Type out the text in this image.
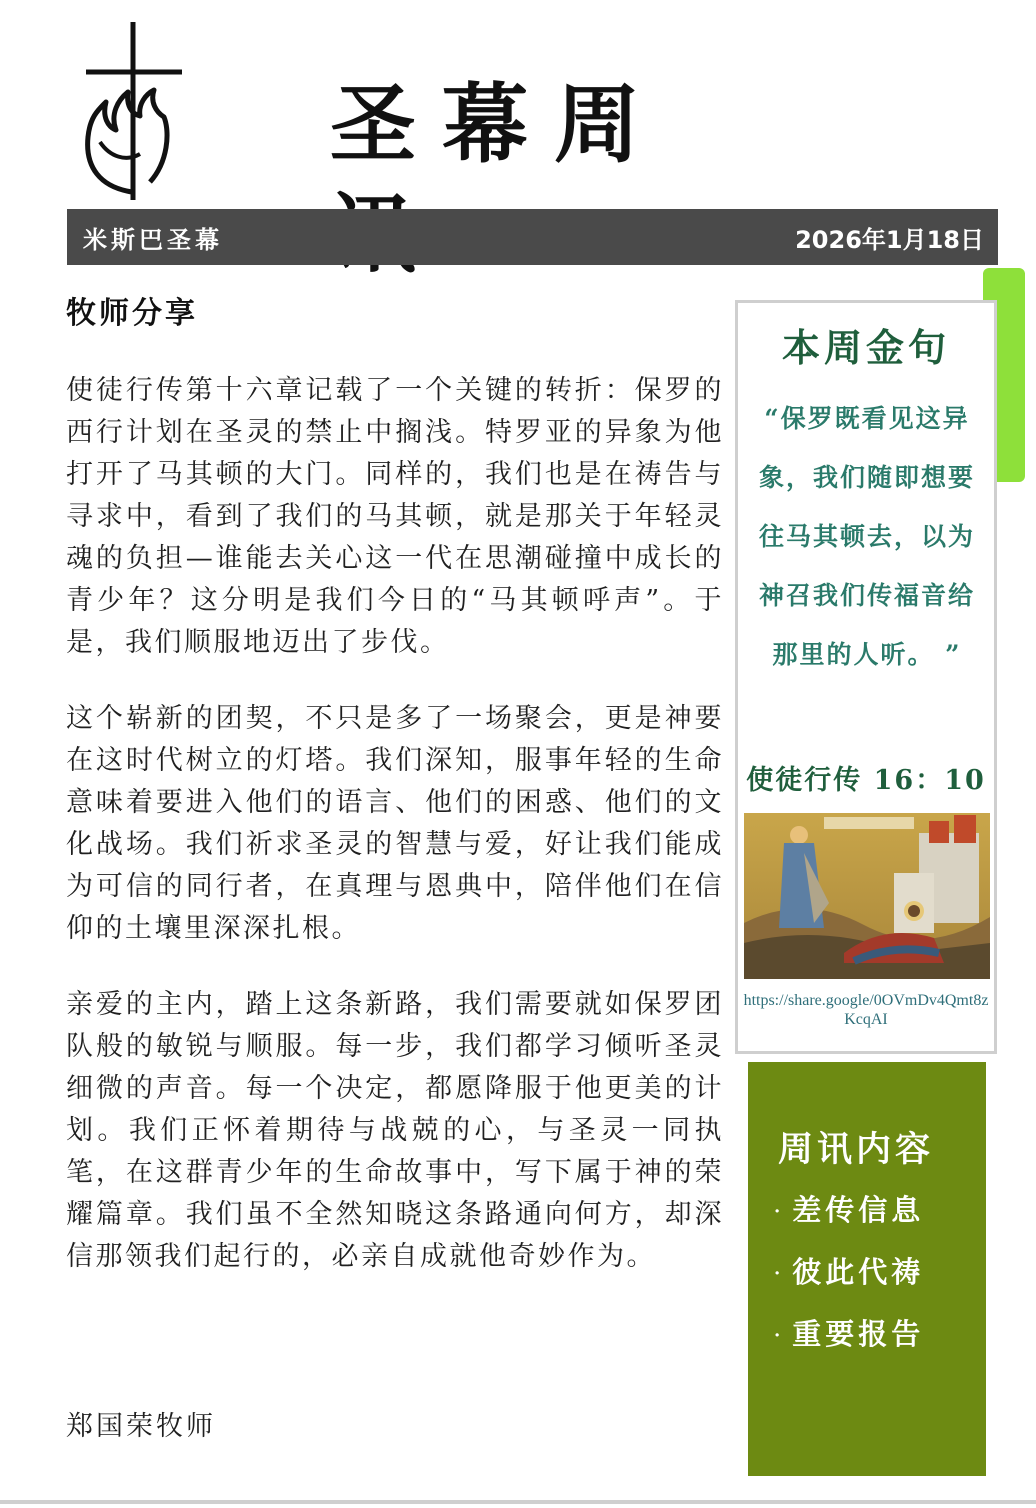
圣幕周
米斯巴圣幕	2026年1月18日
牧师分享

使徒行传第十六章记载了一个关键的转折：保罗的西行计划在圣灵的禁止中搁浅。特罗亚的异象为他打开了马其顿的大门。同样的，我们也是在祷告与寻求中，看到了我们的马其顿，就是那关于年轻灵魂的负担—谁能去关心这一代在思潮碰撞中成长的青少年？这分明是我们今日的“马其顿呼声”。于是，我们顺服地迈出了步伐。

这个崭新的团契，不只是多了一场聚会，更是神要在这时代树立的灯塔。我们深知，服事年轻的生命意味着要进入他们的语言、他们的困惑、他们的文化战场。我们祈求圣灵的智慧与爱，好让我们能成为可信的同行者，在真理与恩典中，陪伴他们在信仰的土壤里深深扎根。

亲爱的主内，踏上这条新路，我们需要就如保罗团队般的敏锐与顺服。每一步，我们都学习倾听圣灵细微的声音。每一个决定，都愿降服于他更美的计划。我们正怀着期待与战兢的心，与圣灵一同执笔，在这群青少年的生命故事中，写下属于神的荣耀篇章。我们虽不全然知晓这条路通向何方，却深信那领我们起行的，必亲自成就他奇妙作为。

郑国荣牧师
本周金句
“保罗既看见这异象，我们随即想要往马其顿去，以为神召我们传福音给那里的人听。 ”
使徒行传 16：10
https://share.google/0OVmDv4Qmt8zKcqAI
周讯内容
· 差传信息
· 彼此代祷
· 重要报告
